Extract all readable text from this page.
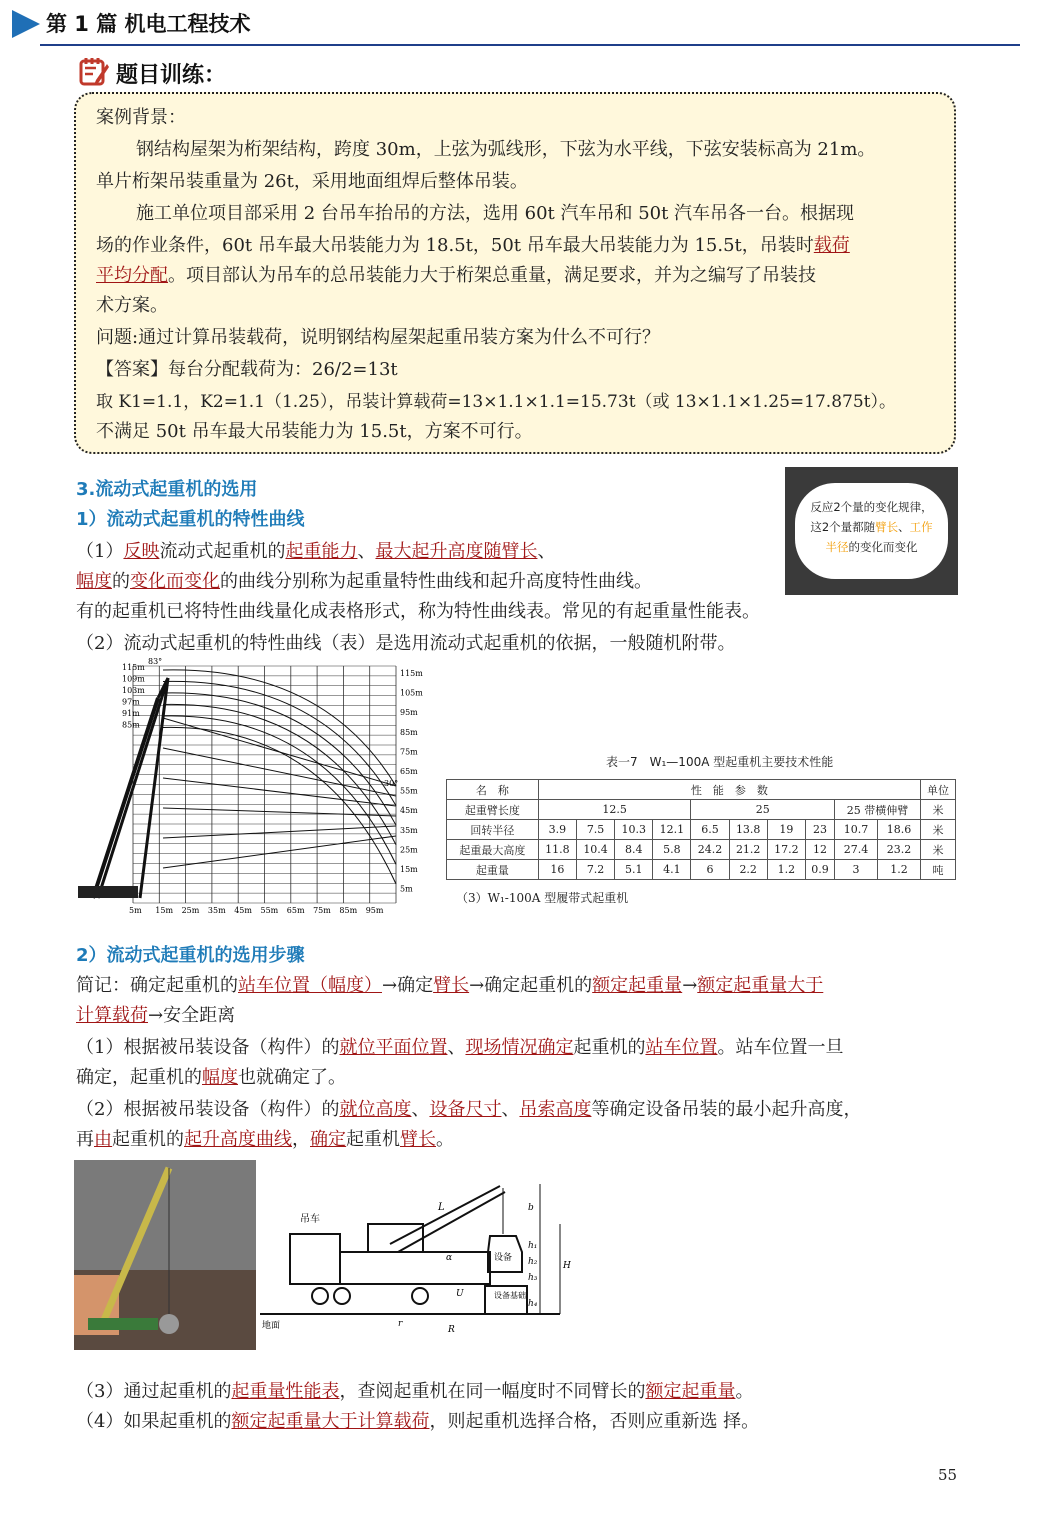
第 1 篇 机电工程技术
题目训练：
案例背景：
钢结构屋架为桁架结构，跨度 30m，上弦为弧线形，下弦为水平线，下弦安装标高为 21m。
单片桁架吊装重量为 26t，采用地面组焊后整体吊装。
施工单位项目部采用 2 台吊车抬吊的方法，选用 60t 汽车吊和 50t 汽车吊各一台。根据现
场的作业条件，60t 吊车最大吊装能力为 18.5t，50t 吊车最大吊装能力为 15.5t，吊装时载荷
平均分配。项目部认为吊车的总吊装能力大于桁架总重量，满足要求，并为之编写了吊装技
术方案。
问题:通过计算吊装载荷，说明钢结构屋架起重吊装方案为什么不可行？
【答案】每台分配载荷为：26/2=13t
取 K1=1.1，K2=1.1（1.25），吊装计算载荷=13×1.1×1.1=15.73t（或 13×1.1×1.25=17.875t）。
不满足 50t 吊车最大吊装能力为 15.5t，方案不可行。
3.流动式起重机的选用
1）流动式起重机的特性曲线
（1）反映流动式起重机的起重能力、最大起升高度随臂长、
幅度的变化而变化的曲线分别称为起重量特性曲线和起升高度特性曲线。
有的起重机已将特性曲线量化成表格形式，称为特性曲线表。常见的有起重量性能表。
（2）流动式起重机的特性曲线（表）是选用流动式起重机的依据，一般随机附带。
反应2个量的变化规律，
这2个量都随臂长、工作
半径的变化而变化
5m 15m 25m 35m 45m 55m 65m 75m 85m 95m
115m
105m
95m
85m
75m
65m
55m
45m
35m
25m
15m
5m
115m
109m
103m
97m
91m
85m
83°
30°
表一7　W₁—100A 型起重机主要技术性能
名　称	性　能　参　数										单位
起重臂长度	12.5				25				25 带横伸臂		米
回转半径	3.9	7.5	10.3	12.1	6.5	13.8	19	23	10.7	18.6	米
起重最大高度	11.8	10.4	8.4	5.8	24.2	21.2	17.2	12	27.4	23.2	米
起重量	16	7.2	5.1	4.1	6	2.2	1.2	0.9	3	1.2	吨
（3）W₁-100A 型履带式起重机
2）流动式起重机的选用步骤
简记：确定起重机的站车位置（幅度）→确定臂长→确定起重机的额定起重量→额定起重量大于
计算载荷→安全距离
（1）根据被吊装设备（构件）的就位平面位置、现场情况确定起重机的站车位置。站车位置一旦
确定，起重机的幅度也就确定了。
（2）根据被吊装设备（构件）的就位高度、设备尺寸、吊索高度等确定设备吊装的最小起升高度，
再由起重机的起升高度曲线，确定起重机臂长。
吊车
设备
设备基础
地面
L	b
h₁
h₂
h₃
h₄
H
r
R
U
α
（3）通过起重机的起重量性能表，查阅起重机在同一幅度时不同臂长的额定起重量。
（4）如果起重机的额定起重量大于计算载荷，则起重机选择合格，否则应重新选 择。
55
